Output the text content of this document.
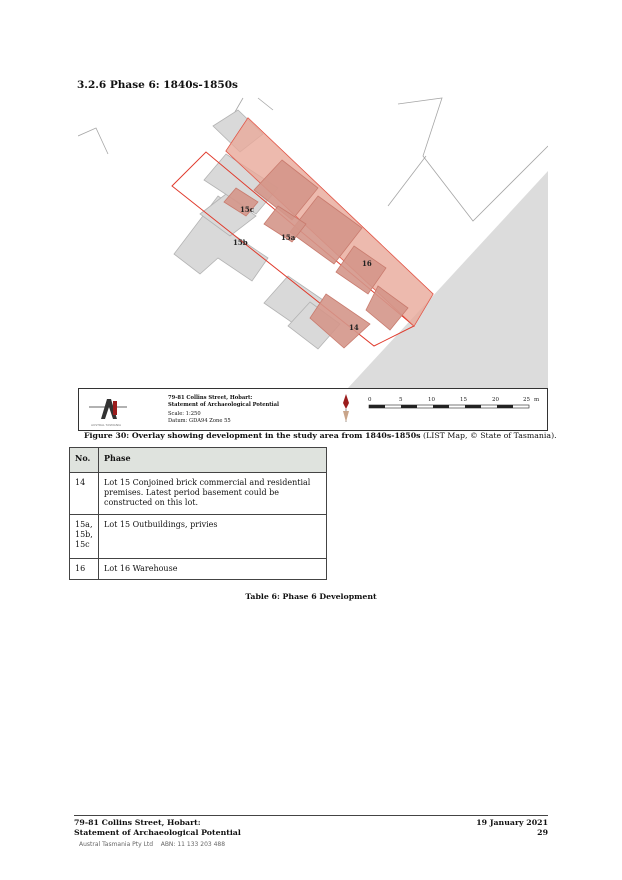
3.2.6 Phase 6: 1840s-1850s
15c
15a
15b
16
14
AUSTRAL TASMANIA
79-81 Collins Street, Hobart:
Statement of Archaeological Potential
Scale: 1:250
Datum: GDA94 Zone 55
0	5	10	15	20	25 m
Figure 30: Overlay showing development in the study area from 1840s-1850s (LIST Map, © State of Tasmania).
No.	Phase
14	Lot 15 Conjoined brick commercial and residential premises. Latest period basement could be constructed on this lot.
15a, 15b, 15c	Lot 15 Outbuildings, privies
16	Lot 16 Warehouse
Table 6: Phase 6 Development
79-81 Collins Street, Hobart:
Statement of Archaeological Potential
19 January 2021
29
Austral Tasmania Pty Ltd    ABN: 11 133 203 488
